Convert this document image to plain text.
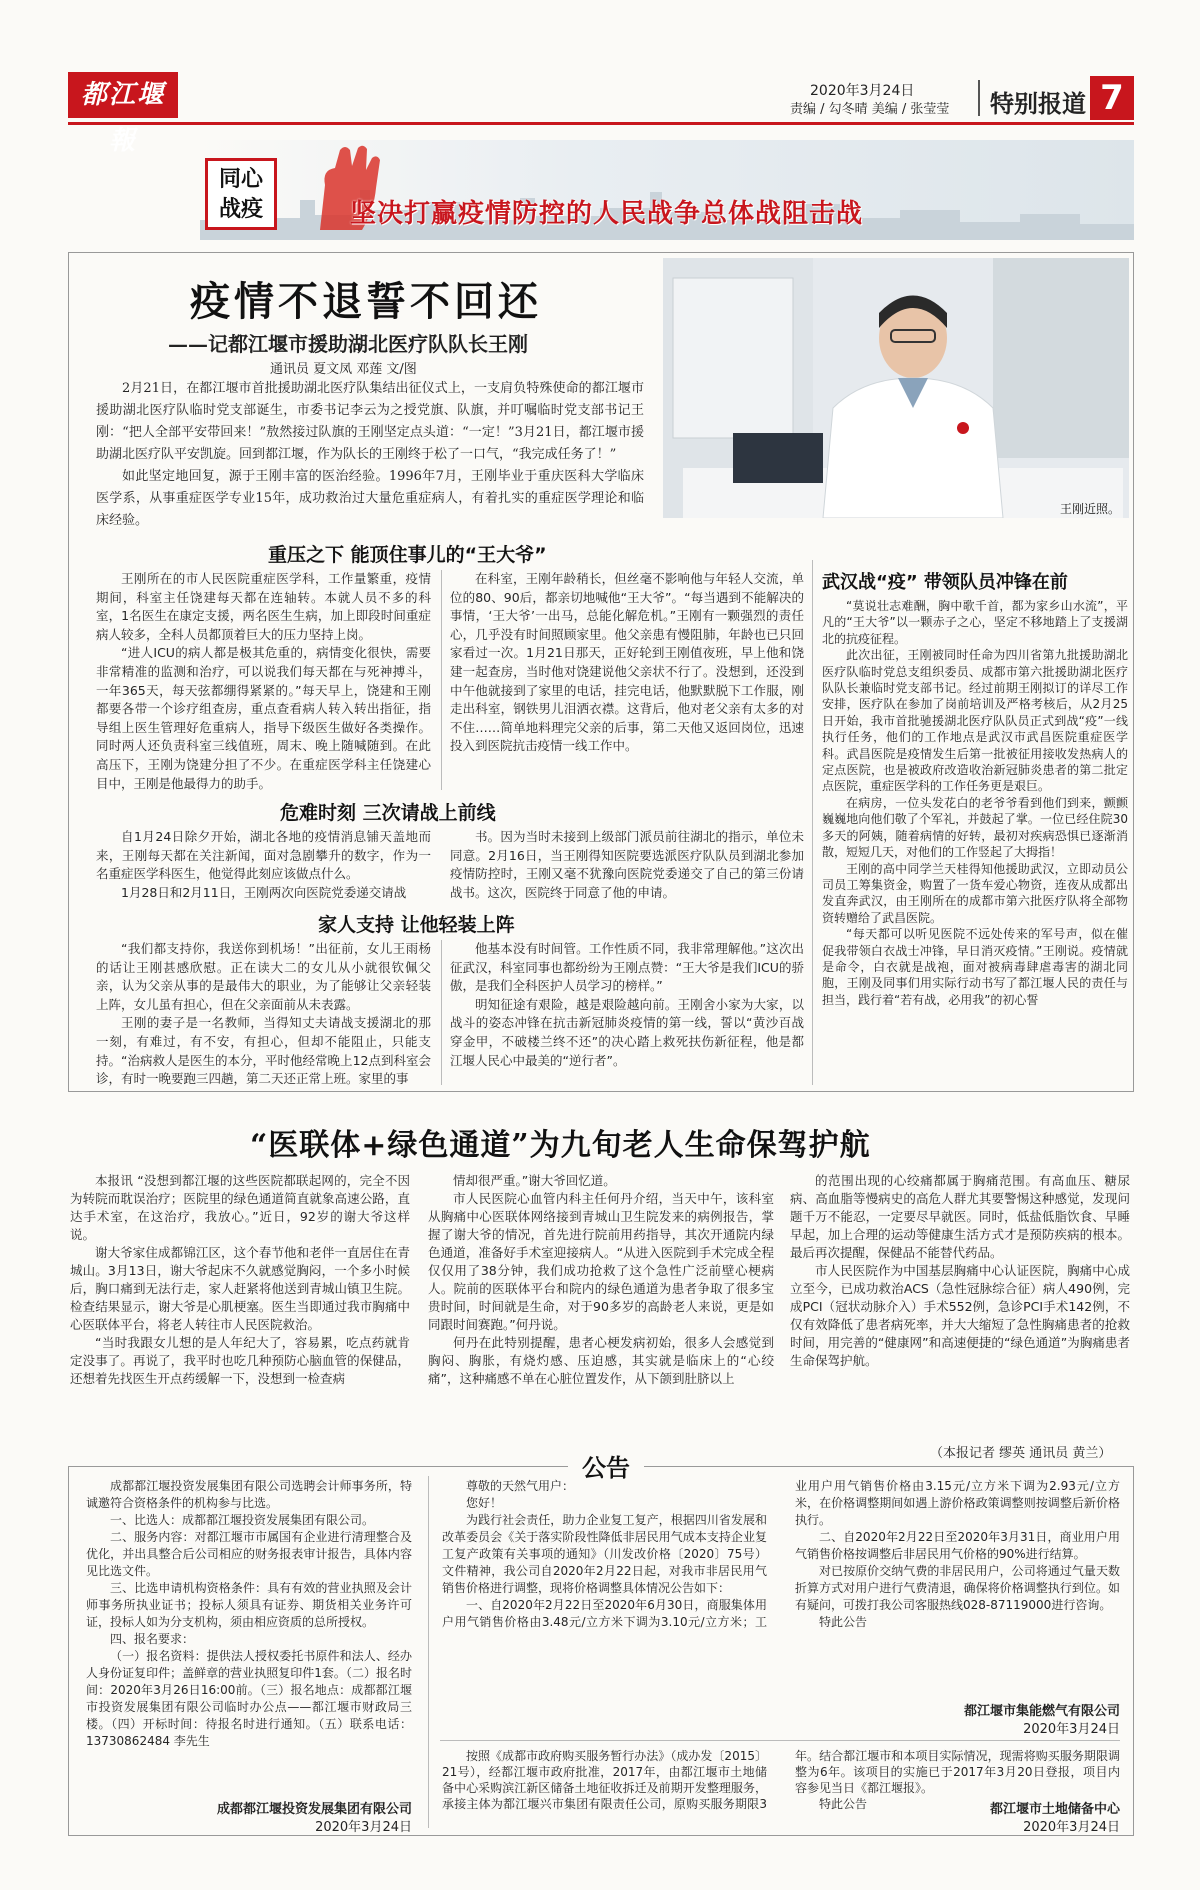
都江堰報
2020年3月24日
责编 / 勾冬晴 美编 / 张莹莹 特别报道 7
同心
战疫	坚决打赢疫情防控的人民战争总体战阻击战
疫情不退誓不回还
——记都江堰市援助湖北医疗队队长王刚
通讯员 夏文凤 邓莲 文/图
王刚近照。

2月21日，在都江堰市首批援助湖北医疗队集结出征仪式上，一支肩负特殊使命的都江堰市援助湖北医疗队临时党支部诞生，市委书记李云为之授党旗、队旗，并叮嘱临时党支部书记王刚：“把人全部平安带回来！”敖然接过队旗的王刚坚定点头道：“一定！”3月21日，都江堰市援助湖北医疗队平安凯旋。回到都江堰，作为队长的王刚终于松了一口气，“我完成任务了！”

如此坚定地回复，源于王刚丰富的医治经验。1996年7月，王刚毕业于重庆医科大学临床医学系，从事重症医学专业15年，成功救治过大量危重症病人，有着扎实的重症医学理论和临床经验。

重压之下 能顶住事儿的“王大爷”

王刚所在的市人民医院重症医学科，工作量繁重，疫情期间，科室主任饶建每天都在连轴转。本就人员不多的科室，1名医生在康定支援，两名医生生病，加上即段时间重症病人较多，全科人员都顶着巨大的压力坚持上岗。

“进人ICU的病人都是极其危重的，病情变化很快，需要非常精准的监测和治疗，可以说我们每天都在与死神搏斗，一年365天，每天弦都绷得紧紧的。”每天早上，饶建和王刚都要各带一个诊疗组查房，重点查看病人转入转出指征，指导组上医生管理好危重病人，指导下级医生做好各类操作。同时两人还负责科室三线值班，周末、晚上随喊随到。在此高压下，王刚为饶建分担了不少。在重症医学科主任饶建心目中，王刚是他最得力的助手。

在科室，王刚年龄稍长，但丝毫不影响他与年轻人交流，单位的80、90后，都亲切地喊他“王大爷”。“每当遇到不能解决的事情，‘王大爷’一出马，总能化解危机。”王刚有一颗强烈的责任心，几乎没有时间照顾家里。他父亲患有慢阻肺，年龄也已只回家看过一次。1月21日那天，正好轮到王刚值夜班，早上他和饶建一起查房，当时他对饶建说他父亲状不行了。没想到，还没到中午他就接到了家里的电话，挂完电话，他默默脱下工作服，刚走出科室，钢铁男儿泪洒衣襟。这背后，他对老父亲有太多的对不住……简单地料理完父亲的后事，第二天他又返回岗位，迅速投入到医院抗击疫情一线工作中。

危难时刻 三次请战上前线

自1月24日除夕开始，湖北各地的疫情消息铺天盖地而来，王刚每天都在关注新闻，面对急剧攀升的数字，作为一名重症医学科医生，他觉得此刻应该做点什么。

1月28日和2月11日，王刚两次向医院党委递交请战

书。因为当时未接到上级部门派员前往湖北的指示，单位未同意。2月16日，当王刚得知医院要选派医疗队队员到湖北参加疫情防控时，王刚又毫不犹豫向医院党委递交了自己的第三份请战书。这次，医院终于同意了他的申请。

家人支持 让他轻装上阵

“我们都支持你，我送你到机场！”出征前，女儿王雨杨的话让王刚甚感欣慰。正在读大二的女儿从小就很钦佩父亲，认为父亲从事的是最伟大的职业，为了能够让父亲轻装上阵，女儿虽有担心，但在父亲面前从未表露。

王刚的妻子是一名教师，当得知丈夫请战支援湖北的那一刻，有难过，有不安，有担心，但却不能阻止，只能支持。“治病救人是医生的本分，平时他经常晚上12点到科室会诊，有时一晚要跑三四趟，第二天还正常上班。家里的事

他基本没有时间管。工作性质不同，我非常理解他。”这次出征武汉，科室同事也都纷纷为王刚点赞：“王大爷是我们ICU的骄傲，是我们全科医护人员学习的榜样。”

明知征途有艰险，越是艰险越向前。王刚舍小家为大家，以战斗的姿态冲锋在抗击新冠肺炎疫情的第一线，誓以“黄沙百战穿金甲，不破楼兰终不还”的决心踏上救死扶伤新征程，他是都江堰人民心中最美的“逆行者”。

武汉战“疫” 带领队员冲锋在前

“莫说壮志难酬，胸中歌千首，都为家乡山水流”，平凡的“王大爷”以一颗赤子之心，坚定不移地踏上了支援湖北的抗疫征程。

此次出征，王刚被同时任命为四川省第九批援助湖北医疗队临时党总支组织委员、成都市第六批援助湖北医疗队队长兼临时党支部书记。经过前期王刚拟订的详尽工作安排，医疗队在参加了岗前培训及严格考核后，从2月25日开始，我市首批驰援湖北医疗队队员正式到战“疫”一线执行任务，他们的工作地点是武汉市武昌医院重症医学科。武昌医院是疫情发生后第一批被征用接收发热病人的定点医院，也是被政府改造收治新冠肺炎患者的第二批定点医院，重症医学科的工作任务更是艰巨。

在病房，一位头发花白的老爷爷看到他们到来，颤颤巍巍地向他们敬了个军礼，并鼓起了掌。一位已经住院30多天的阿姨，随着病情的好转，最初对疾病恐惧已逐渐消散，短短几天，对他们的工作竖起了大拇指！

王刚的高中同学兰天桂得知他援助武汉，立即动员公司员工筹集资金，购置了一货车爱心物资，连夜从成都出发直奔武汉，由王刚所在的成都市第六批医疗队将全部物资转赠给了武昌医院。

“每天都可以听见医院不远处传来的军号声，似在催促我带领白衣战士冲锋，早日消灭疫情。”王刚说。疫情就是命令，白衣就是战袍，面对被病毒肆虐毒害的湖北同胞，王刚及同事们用实际行动书写了都江堰人民的责任与担当，践行着“若有战，必用我”的初心誓

“医联体+绿色通道”为九旬老人生命保驾护航

本报讯 “没想到都江堰的这些医院都联起网的，完全不因为转院而耽误治疗；医院里的绿色通道简直就象高速公路，直达手术室，在这治疗，我放心。”近日，92岁的谢大爷这样说。

谢大爷家住成都锦江区，这个春节他和老伴一直居住在青城山。3月13日，谢大爷起床不久就感觉胸闷，一个多小时候后，胸口痛到无法行走，家人赶紧将他送到青城山镇卫生院。检查结果显示，谢大爷是心肌梗塞。医生当即通过我市胸痛中心医联体平台，将老人转往市人民医院救治。

“当时我跟女儿想的是人年纪大了，容易累，吃点药就肯定没事了。再说了，我平时也吃几种预防心脑血管的保健品，还想着先找医生开点药缓解一下，没想到一检查病

情却很严重。”谢大爷回忆道。

市人民医院心血管内科主任何丹介绍，当天中午，该科室从胸痛中心医联体网络接到青城山卫生院发来的病例报告，掌握了谢大爷的情况，首先进行院前用药指导，其次开通院内绿色通道，准备好手术室迎接病人。“从进入医院到手术完成全程仅仅用了38分钟，我们成功抢救了这个急性广泛前壁心梗病人。院前的医联体平台和院内的绿色通道为患者争取了很多宝贵时间，时间就是生命，对于90多岁的高龄老人来说，更是如同跟时间赛跑。”何丹说。

何丹在此特别提醒，患者心梗发病初始，很多人会感觉到胸闷、胸胀，有烧灼感、压迫感，其实就是临床上的“心绞痛”，这种痛感不单在心脏位置发作，从下颌到肚脐以上

的范围出现的心绞痛都属于胸痛范围。有高血压、糖尿病、高血脂等慢病史的高危人群尤其要警惕这种感觉，发现问题千万不能忍，一定要尽早就医。同时，低盐低脂饮食、早睡早起，加上合理的运动等健康生活方式才是预防疾病的根本。最后再次提醒，保健品不能替代药品。

市人民医院作为中国基层胸痛中心认证医院，胸痛中心成立至今，已成功救治ACS（急性冠脉综合征）病人490例，完成PCI（冠状动脉介入）手术552例，急诊PCI手术142例，不仅有效降低了患者病死率，并大大缩短了急性胸痛患者的抢救时间，用完善的“健康网”和高速便捷的“绿色通道”为胸痛患者生命保驾护航。

（本报记者 缪英 通讯员 黄兰）
公告

成都都江堰投资发展集团有限公司选聘会计师事务所，特诚邀符合资格条件的机构参与比选。

一、比选人：成都都江堰投资发展集团有限公司。

二、服务内容：对都江堰市市属国有企业进行清理整合及优化，并出具整合后公司相应的财务报表审计报告，具体内容见比选文件。

三、比选申请机构资格条件：具有有效的营业执照及会计师事务所执业证书；投标人须具有证券、期货相关业务许可证，投标人如为分支机构，须由相应资质的总所授权。

四、报名要求：

（一）报名资料：提供法人授权委托书原件和法人、经办人身份证复印件；盖鲜章的营业执照复印件1套。（二）报名时间：2020年3月26日16:00前。（三）报名地点：成都都江堰市投资发展集团有限公司临时办公点——都江堰市财政局三楼。（四）开标时间：待报名时进行通知。（五）联系电话：13730862484 李先生

成都都江堰投资发展集团有限公司
2020年3月24日

尊敬的天然气用户：

您好！

为践行社会责任，助力企业复工复产，根据四川省发展和改革委员会《关于落实阶段性降低非居民用气成本支持企业复工复产政策有关事项的通知》（川发改价格〔2020〕75号）文件精神，我公司自2020年2月22日起，对我市非居民用气销售价格进行调整，现将价格调整具体情况公告如下：

一、自2020年2月22日至2020年6月30日，商服集体用户用气销售价格由3.48元/立方米下调为3.10元/立方米；工业用户用气销售价格由3.15元/立方米下调为2.93元/立方米，在价格调整期间如遇上游价格政策调整则按调整后新价格执行。

二、自2020年2月22日至2020年3月31日，商业用户用气销售价格按调整后非居民用气价格的90%进行结算。

对已按原价交纳气费的非居民用户，公司将通过气量天数折算方式对用户进行气费清退，确保将价格调整执行到位。如有疑问，可拨打我公司客服热线028-87119000进行咨询。

特此公告

都江堰市集能燃气有限公司
2020年3月24日

按照《成都市政府购买服务暂行办法》（成办发〔2015〕21号），经都江堰市政府批准，2017年，由都江堰市土地储备中心采购滨江新区储备土地征收拆迁及前期开发整理服务，承接主体为都江堰兴市集团有限责任公司，原购买服务期限3年。结合都江堰市和本项目实际情况，现需将购买服务期限调整为6年。该项目的实施已于2017年3月20日登报，项目内容参见当日《都江堰报》。

特此公告	都江堰市土地储备中心
2020年3月24日
